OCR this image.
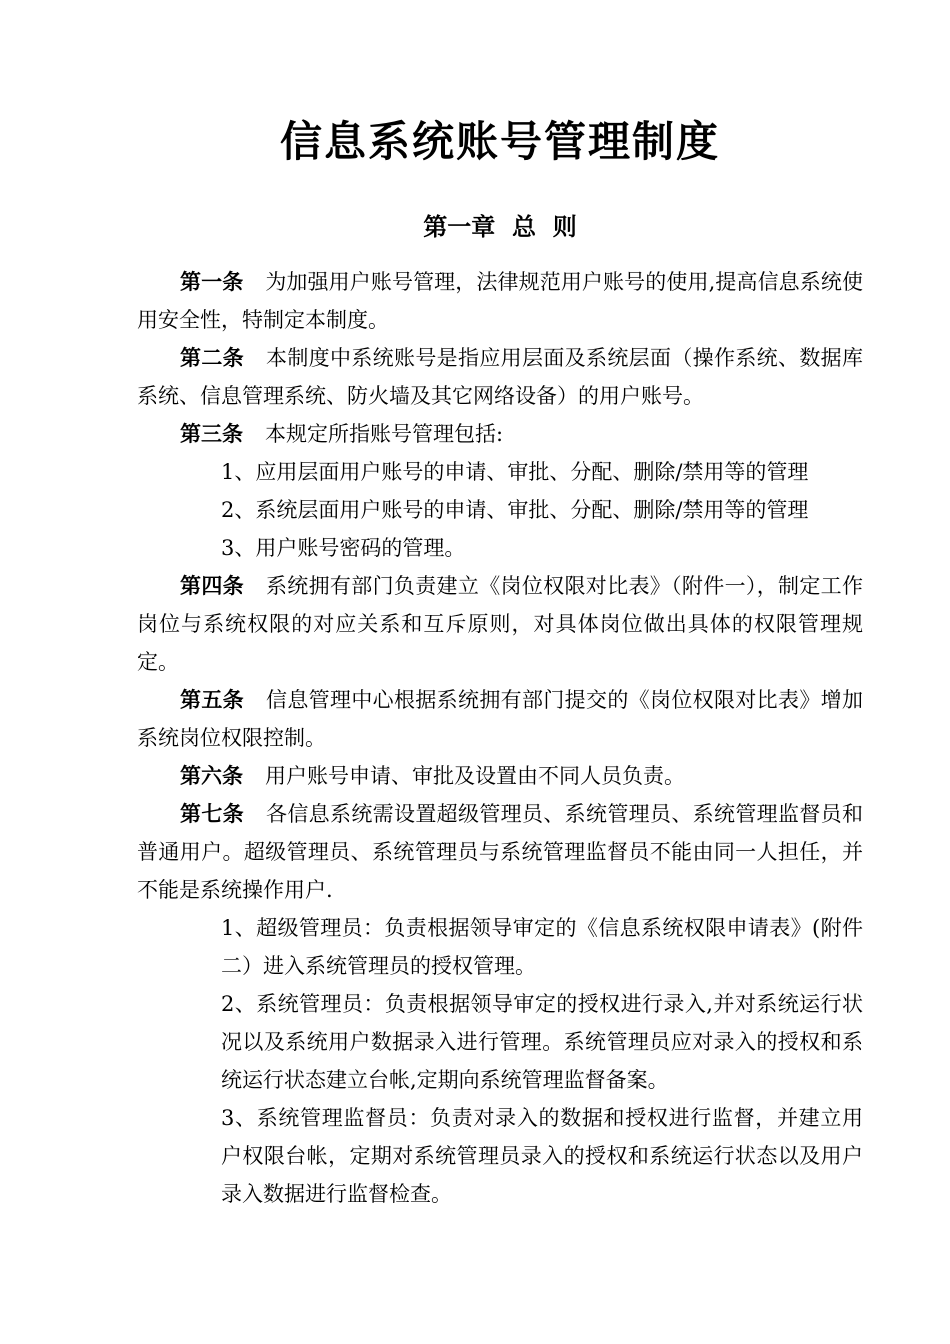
信息系统账号管理制度
第一章  总  则

第一条 为加强用户账号管理，法律规范用户账号的使用,提高信息系统使用安全性，特制定本制度。

第二条 本制度中系统账号是指应用层面及系统层面（操作系统、数据库系统、信息管理系统、防火墙及其它网络设备）的用户账号。

第三条 本规定所指账号管理包括:

1、应用层面用户账号的申请、审批、分配、删除/禁用等的管理

2、系统层面用户账号的申请、审批、分配、删除/禁用等的管理

3、用户账号密码的管理。

第四条 系统拥有部门负责建立《岗位权限对比表》（附件一），制定工作岗位与系统权限的对应关系和互斥原则，对具体岗位做出具体的权限管理规定。

第五条 信息管理中心根据系统拥有部门提交的《岗位权限对比表》增加系统岗位权限控制。

第六条 用户账号申请、审批及设置由不同人员负责。

第七条 各信息系统需设置超级管理员、系统管理员、系统管理监督员和普通用户。超级管理员、系统管理员与系统管理监督员不能由同一人担任，并不能是系统操作用户.

1、超级管理员：负责根据领导审定的《信息系统权限申请表》(附件二）进入系统管理员的授权管理。

2、系统管理员：负责根据领导审定的授权进行录入,并对系统运行状况以及系统用户数据录入进行管理。系统管理员应对录入的授权和系统运行状态建立台帐,定期向系统管理监督备案。

3、系统管理监督员：负责对录入的数据和授权进行监督，并建立用户权限台帐，定期对系统管理员录入的授权和系统运行状态以及用户录入数据进行监督检查。
